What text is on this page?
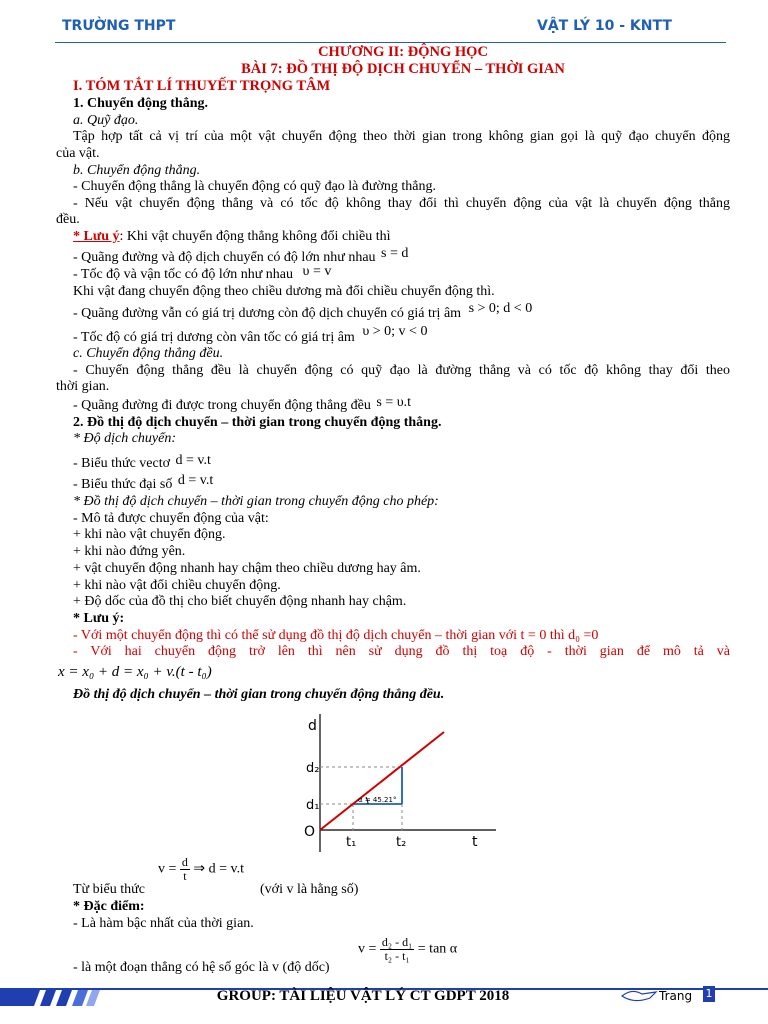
TRƯỜNG THPT	VẬT LÝ 10 - KNTT
CHƯƠNG II: ĐỘNG HỌC
BÀI 7: ĐỒ THỊ ĐỘ DỊCH CHUYỂN – THỜI GIAN
I. TÓM TẮT LÍ THUYẾT TRỌNG TÂM
1. Chuyển động thẳng.
a. Quỹ đạo.
Tập hợp tất cả vị trí của một vật chuyển động theo thời gian trong không gian gọi là quỹ đạo chuyển động
của vật.
b. Chuyển động thẳng.
- Chuyển động thẳng là chuyển động có quỹ đạo là đường thẳng.
- Nếu vật chuyển động thẳng và có tốc độ không thay đổi thì chuyển động của vật là chuyển động thẳng
đều.
* Lưu ý: Khi vật chuyển động thẳng không đổi chiều thì
- Quãng đường và độ dịch chuyển có độ lớn như nhau s = d
- Tốc độ và vận tốc có độ lớn như nhau υ = v
Khi vật đang chuyển động theo chiều dương mà đổi chiều chuyển động thì.
- Quãng đường vẫn có giá trị dương còn độ dịch chuyển có giá trị âm s > 0; d < 0
- Tốc độ có giá trị dương còn vân tốc có giá trị âm υ > 0; v < 0
c. Chuyển động thẳng đều.
- Chuyển động thẳng đều là chuyển động có quỹ đạo là đường thẳng và có tốc độ không thay đổi theo
thời gian.
- Quãng đường đi được trong chuyển động thẳng đều s = υ.t
2. Đồ thị độ dịch chuyển – thời gian trong chuyển động thẳng.
* Độ dịch chuyển:
- Biểu thức vectơ d = v.t
- Biểu thức đại số d = v.t
* Đồ thị độ dịch chuyển – thời gian trong chuyển động cho phép:
- Mô tả được chuyển động của vật:
+ khi nào vật chuyển động.
+ khi nào đứng yên.
+ vật chuyển động nhanh hay chậm theo chiều dương hay âm.
+ khi nào vật đổi chiều chuyển động.
+ Độ dốc của đồ thị cho biết chuyển động nhanh hay chậm.
* Lưu ý:
- Với một chuyển động thì có thể sử dụng đồ thị độ dịch chuyển – thời gian với t = 0 thì d₀ =0
- Với hai chuyển động trở lên thì nên sử dụng đồ thị toạ độ - thời gian để mô tả và
x = x₀ + d = x₀ + v.(t - t₀)
Đồ thị độ dịch chuyển – thời gian trong chuyển động thẳng đều.
d
d₂
d₁
O
t₁	t₂	t
α = 45.21°
$v = \frac{d}{t}$ ⇒ d = v.t
Từ biểu thức	(với v là hằng số)
* Đặc điểm:
- Là hàm bậc nhất của thời gian.
$v = \frac{\text{d₂ - d₁}}{\text{t₂ - t₁}} = \tan \alpha$
- là một đoạn thẳng có hệ số góc là v (độ dốc)
GROUP: TÀI LIỆU VẬT LÝ CT GDPT 2018	Trang 1
